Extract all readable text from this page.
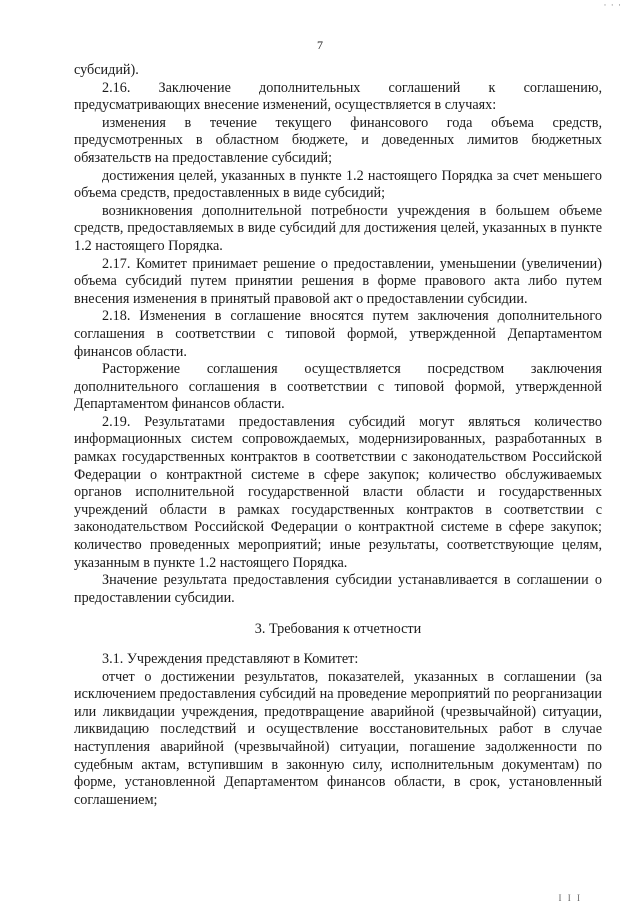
· · ·
7

субсидий).

2.16. Заключение дополнительных соглашений к соглашению, предусматривающих внесение изменений, осуществляется в случаях:

изменения в течение текущего финансового года объема средств, предусмотренных в областном бюджете, и доведенных лимитов бюджетных обязательств на предоставление субсидий;

достижения целей, указанных в пункте 1.2 настоящего Порядка за счет меньшего объема средств, предоставленных в виде субсидий;

возникновения дополнительной потребности учреждения в большем объеме средств, предоставляемых в виде субсидий для достижения целей, указанных в пункте 1.2 настоящего Порядка.

2.17. Комитет принимает решение о предоставлении, уменьшении (увеличении) объема субсидий путем принятии решения в форме правового акта либо путем внесения изменения в принятый правовой акт о предоставлении субсидии.

2.18. Изменения в соглашение вносятся путем заключения дополнительного соглашения в соответствии с типовой формой, утвержденной Департаментом финансов области.

Расторжение соглашения осуществляется посредством заключения дополнительного соглашения в соответствии с типовой формой, утвержденной Департаментом финансов области.

2.19. Результатами предоставления субсидий могут являться количество информационных систем сопровождаемых, модернизированных, разработанных в рамках государственных контрактов в соответствии с законодательством Российской Федерации о контрактной системе в сфере закупок; количество обслуживаемых органов исполнительной государственной власти области и государственных учреждений области в рамках государственных контрактов в соответствии с законодательством Российской Федерации о контрактной системе в сфере закупок; количество проведенных мероприятий; иные результаты, соответствующие целям, указанным в пункте 1.2 настоящего Порядка.

Значение результата предоставления субсидии устанавливается в соглашении о предоставлении субсидии.

3. Требования к отчетности

3.1. Учреждения представляют в Комитет:

отчет о достижении результатов, показателей, указанных в соглашении (за исключением предоставления субсидий на проведение мероприятий по реорганизации или ликвидации учреждения, предотвращение аварийной (чрезвычайной) ситуации, ликвидацию последствий и осуществление восстановительных работ в случае наступления аварийной (чрезвычайной) ситуации, погашение задолженности по судебным актам, вступившим в законную силу, исполнительным документам) по форме, установленной Департаментом финансов области, в срок, установленный соглашением;

I I I
